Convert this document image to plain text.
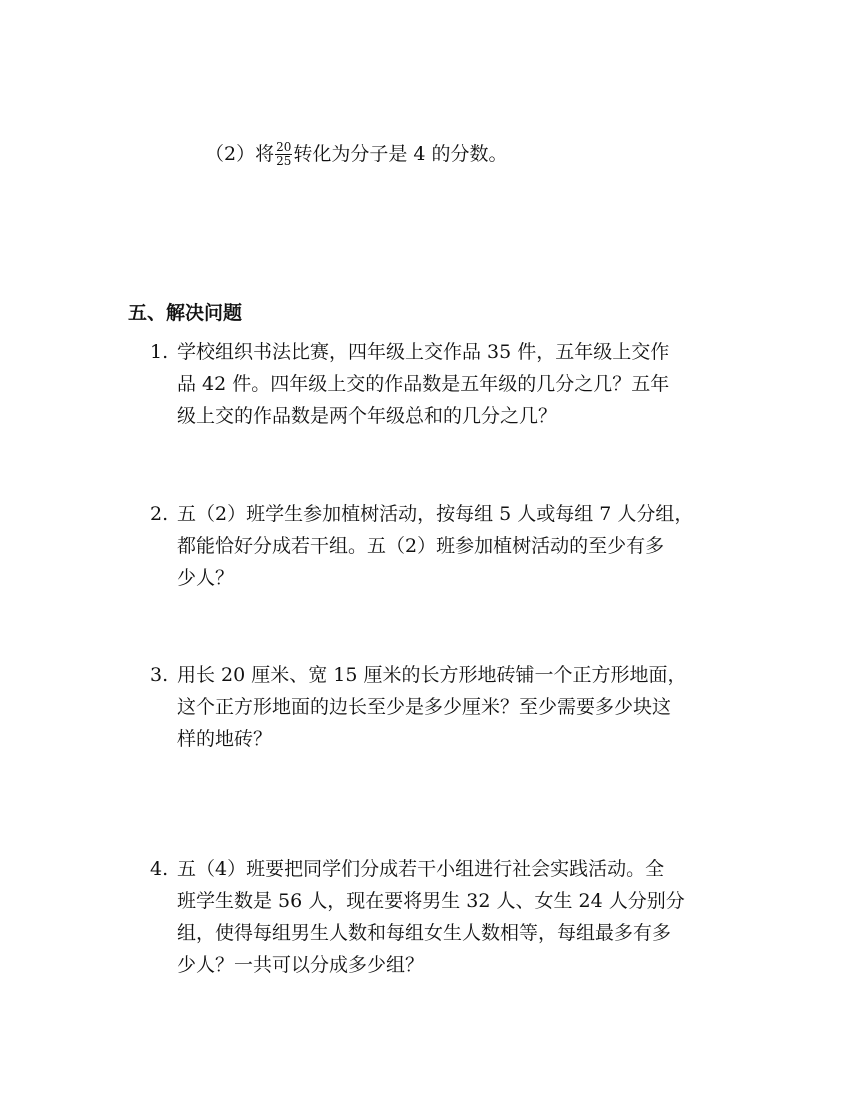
（2）将 $\frac{20}{25}$ 转化为分子是 4 的分数。
五、解决问题
1. 学校组织书法比赛，四年级上交作品 35 件，五年级上交作
品 42 件。四年级上交的作品数是五年级的几分之几？五年
级上交的作品数是两个年级总和的几分之几？
2. 五（2）班学生参加植树活动，按每组 5 人或每组 7 人分组，
都能恰好分成若干组。五（2）班参加植树活动的至少有多
少人？
3. 用长 20 厘米、宽 15 厘米的长方形地砖铺一个正方形地面，
这个正方形地面的边长至少是多少厘米？至少需要多少块这
样的地砖？
4. 五（4）班要把同学们分成若干小组进行社会实践活动。全
班学生数是 56 人，现在要将男生 32 人、女生 24 人分别分
组，使得每组男生人数和每组女生人数相等，每组最多有多
少人？一共可以分成多少组？
